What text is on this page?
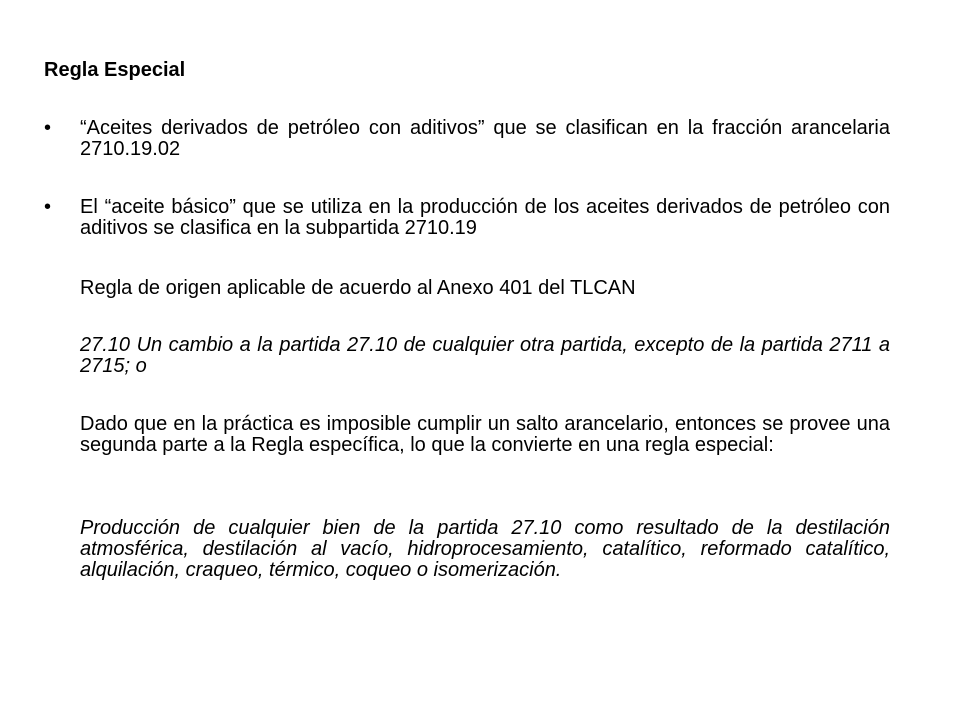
Regla Especial
• “Aceites derivados de petróleo con aditivos” que se clasifican en la fracción arancelaria 2710.19.02

• El “aceite básico” que se utiliza en la producción de los aceites derivados de petróleo con aditivos se clasifica en la subpartida 2710.19

Regla de origen aplicable de acuerdo al Anexo 401 del TLCAN

27.10 Un cambio a la partida 27.10 de cualquier otra partida, excepto de la partida 2711 a 2715; o

Dado que en la práctica es imposible cumplir un salto arancelario, entonces se provee una segunda parte a la Regla específica, lo que la convierte en una regla especial:

Producción de cualquier bien de la partida 27.10 como resultado de la destilación atmosférica, destilación al vacío, hidroprocesamiento, catalítico, reformado catalítico, alquilación, craqueo, térmico, coqueo o isomerización.
